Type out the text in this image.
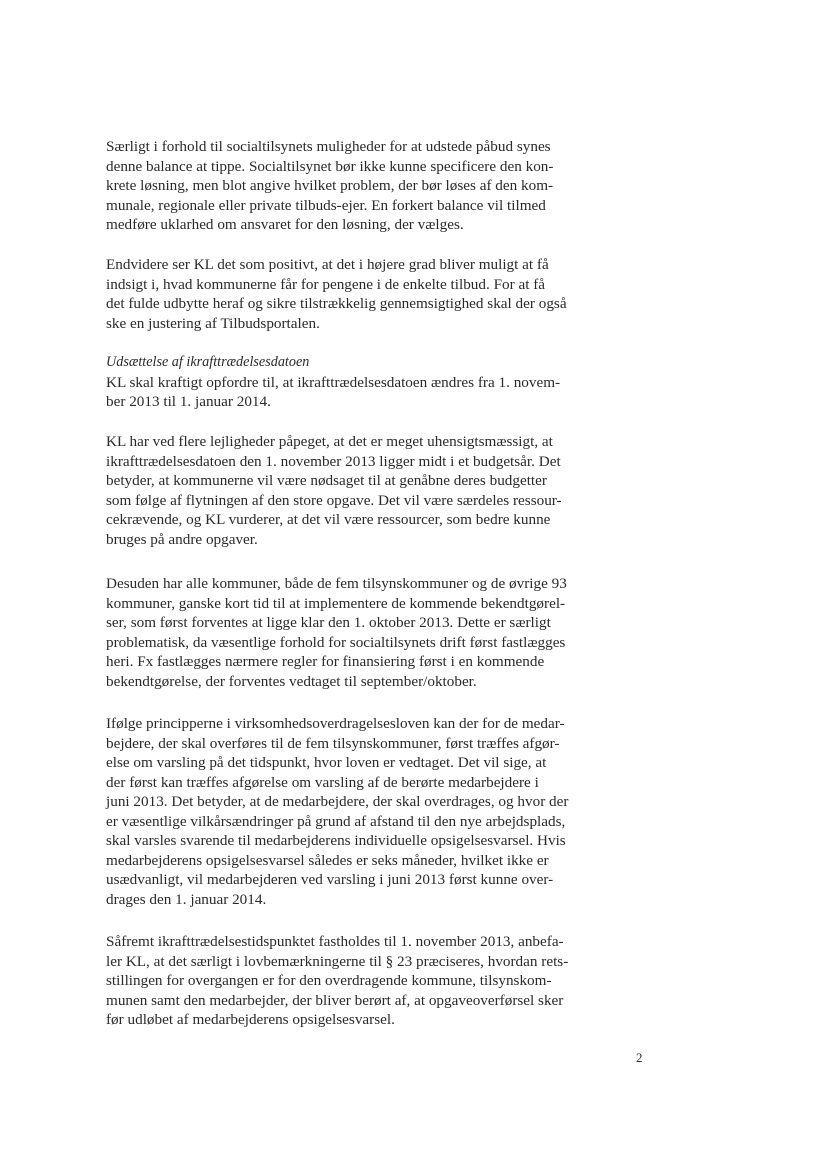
Særligt i forhold til socialtilsynets muligheder for at udstede påbud synes
denne balance at tippe. Socialtilsynet bør ikke kunne specificere den kon-
krete løsning, men blot angive hvilket problem, der bør løses af den kom-
munale, regionale eller private tilbuds-ejer. En forkert balance vil tilmed
medføre uklarhed om ansvaret for den løsning, der vælges.
Endvidere ser KL det som positivt, at det i højere grad bliver muligt at få
indsigt i, hvad kommunerne får for pengene i de enkelte tilbud. For at få
det fulde udbytte heraf og sikre tilstrækkelig gennemsigtighed skal der også
ske en justering af Tilbudsportalen.
Udsættelse af ikrafttrædelsesdatoen
KL skal kraftigt opfordre til, at ikrafttrædelsesdatoen ændres fra 1. novem-
ber 2013 til 1. januar 2014.
KL har ved flere lejligheder påpeget, at det er meget uhensigtsmæssigt, at
ikrafttrædelsesdatoen den 1. november 2013 ligger midt i et budgetsår. Det
betyder, at kommunerne vil være nødsaget til at genåbne deres budgetter
som følge af flytningen af den store opgave. Det vil være særdeles ressour-
cekrævende, og KL vurderer, at det vil være ressourcer, som bedre kunne
bruges på andre opgaver.
Desuden har alle kommuner, både de fem tilsynskommuner og de øvrige 93
kommuner, ganske kort tid til at implementere de kommende bekendtgørel-
ser, som først forventes at ligge klar den 1. oktober 2013. Dette er særligt
problematisk, da væsentlige forhold for socialtilsynets drift først fastlægges
heri. Fx fastlægges nærmere regler for finansiering først i en kommende
bekendtgørelse, der forventes vedtaget til september/oktober.
Ifølge principperne i virksomhedsoverdragelsesloven kan der for de medar-
bejdere, der skal overføres til de fem tilsynskommuner, først træffes afgør-
else om varsling på det tidspunkt, hvor loven er vedtaget. Det vil sige, at
der først kan træffes afgørelse om varsling af de berørte medarbejdere i
juni 2013. Det betyder, at de medarbejdere, der skal overdrages, og hvor der
er væsentlige vilkårsændringer på grund af afstand til den nye arbejdsplads,
skal varsles svarende til medarbejderens individuelle opsigelsesvarsel. Hvis
medarbejderens opsigelsesvarsel således er seks måneder, hvilket ikke er
usædvanligt, vil medarbejderen ved varsling i juni 2013 først kunne over-
drages den 1. januar 2014.
Såfremt ikrafttrædelsestidspunktet fastholdes til 1. november 2013, anbefa-
ler KL, at det særligt i lovbemærkningerne til § 23 præciseres, hvordan rets-
stillingen for overgangen er for den overdragende kommune, tilsynskom-
munen samt den medarbejder, der bliver berørt af, at opgaveoverførsel sker
før udløbet af medarbejderens opsigelsesvarsel.
2
